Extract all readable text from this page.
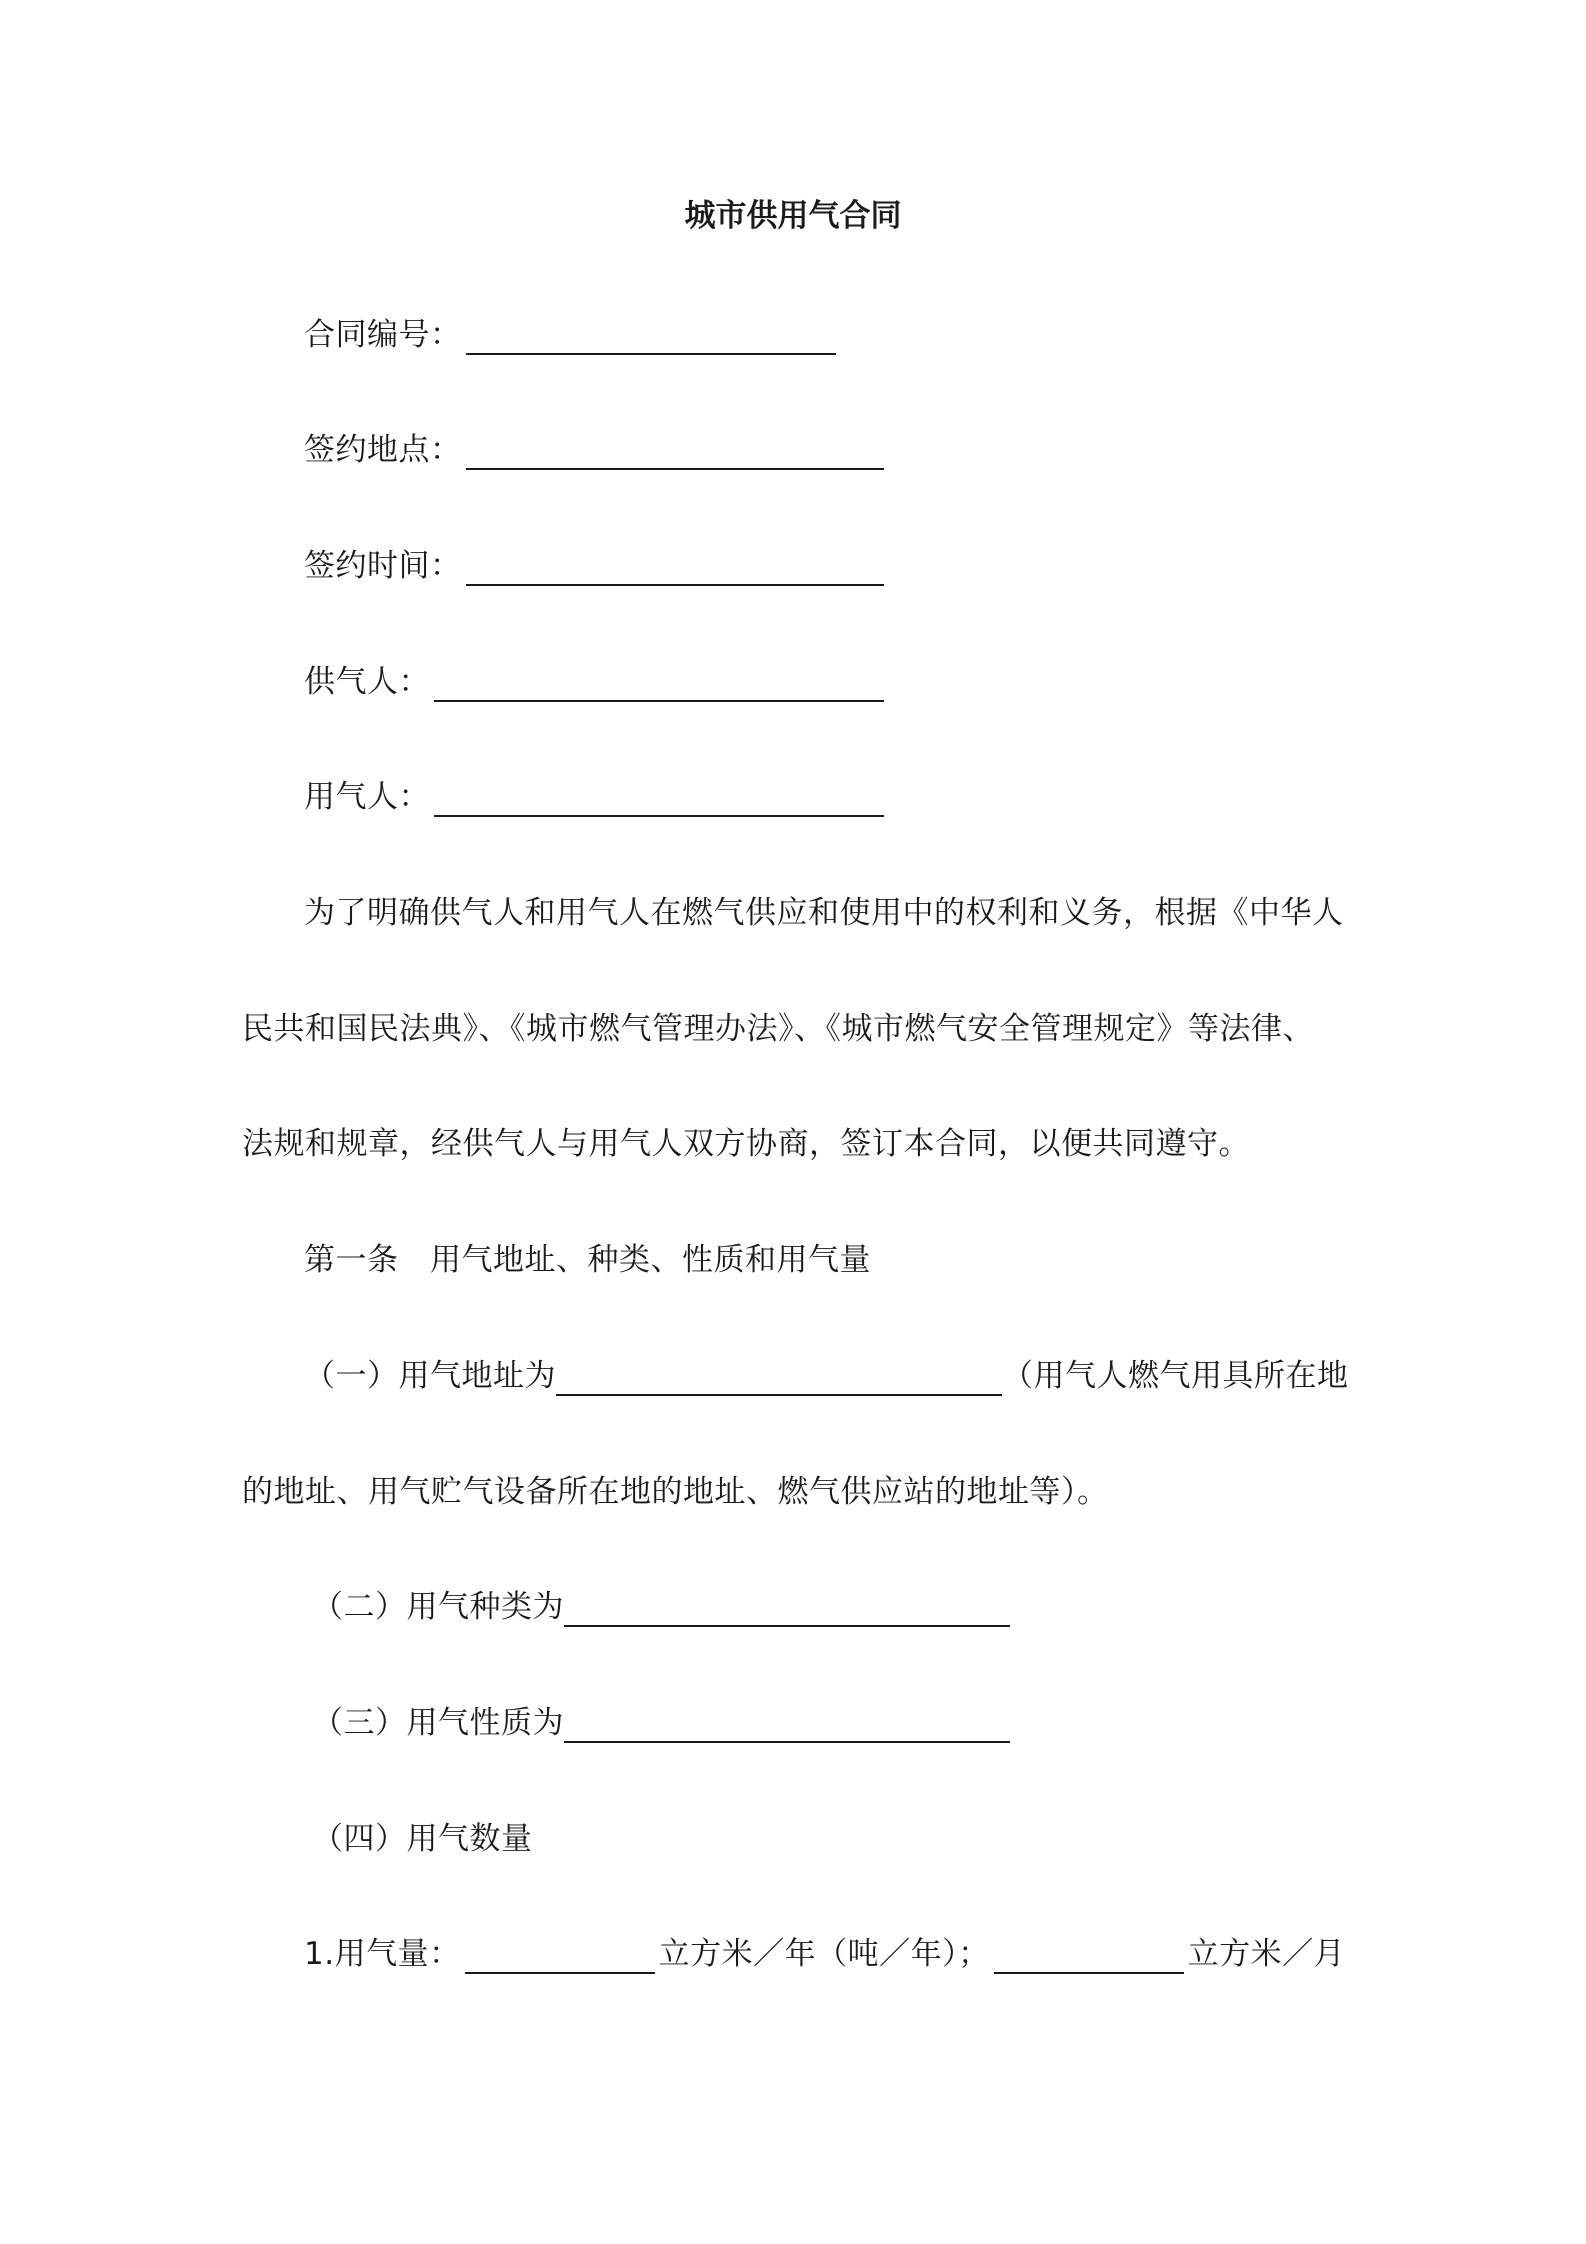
城市供用气合同
合同编号：
签约地点：
签约时间：
供气人：
用气人：
为了明确供气人和用气人在燃气供应和使用中的权利和义务，根据《中华人
民共和国民法典》、《城市燃气管理办法》、《城市燃气安全管理规定》等法律、
法规和规章，经供气人与用气人双方协商，签订本合同，以便共同遵守。
第一条　用气地址、种类、性质和用气量
（一）用气地址为	（用气人燃气用具所在地
的地址、用气贮气设备所在地的地址、燃气供应站的地址等）。
（二）用气种类为
（三）用气性质为
（四）用气数量
1.用气量：	立方米／年（吨／年）；	立方米／月
